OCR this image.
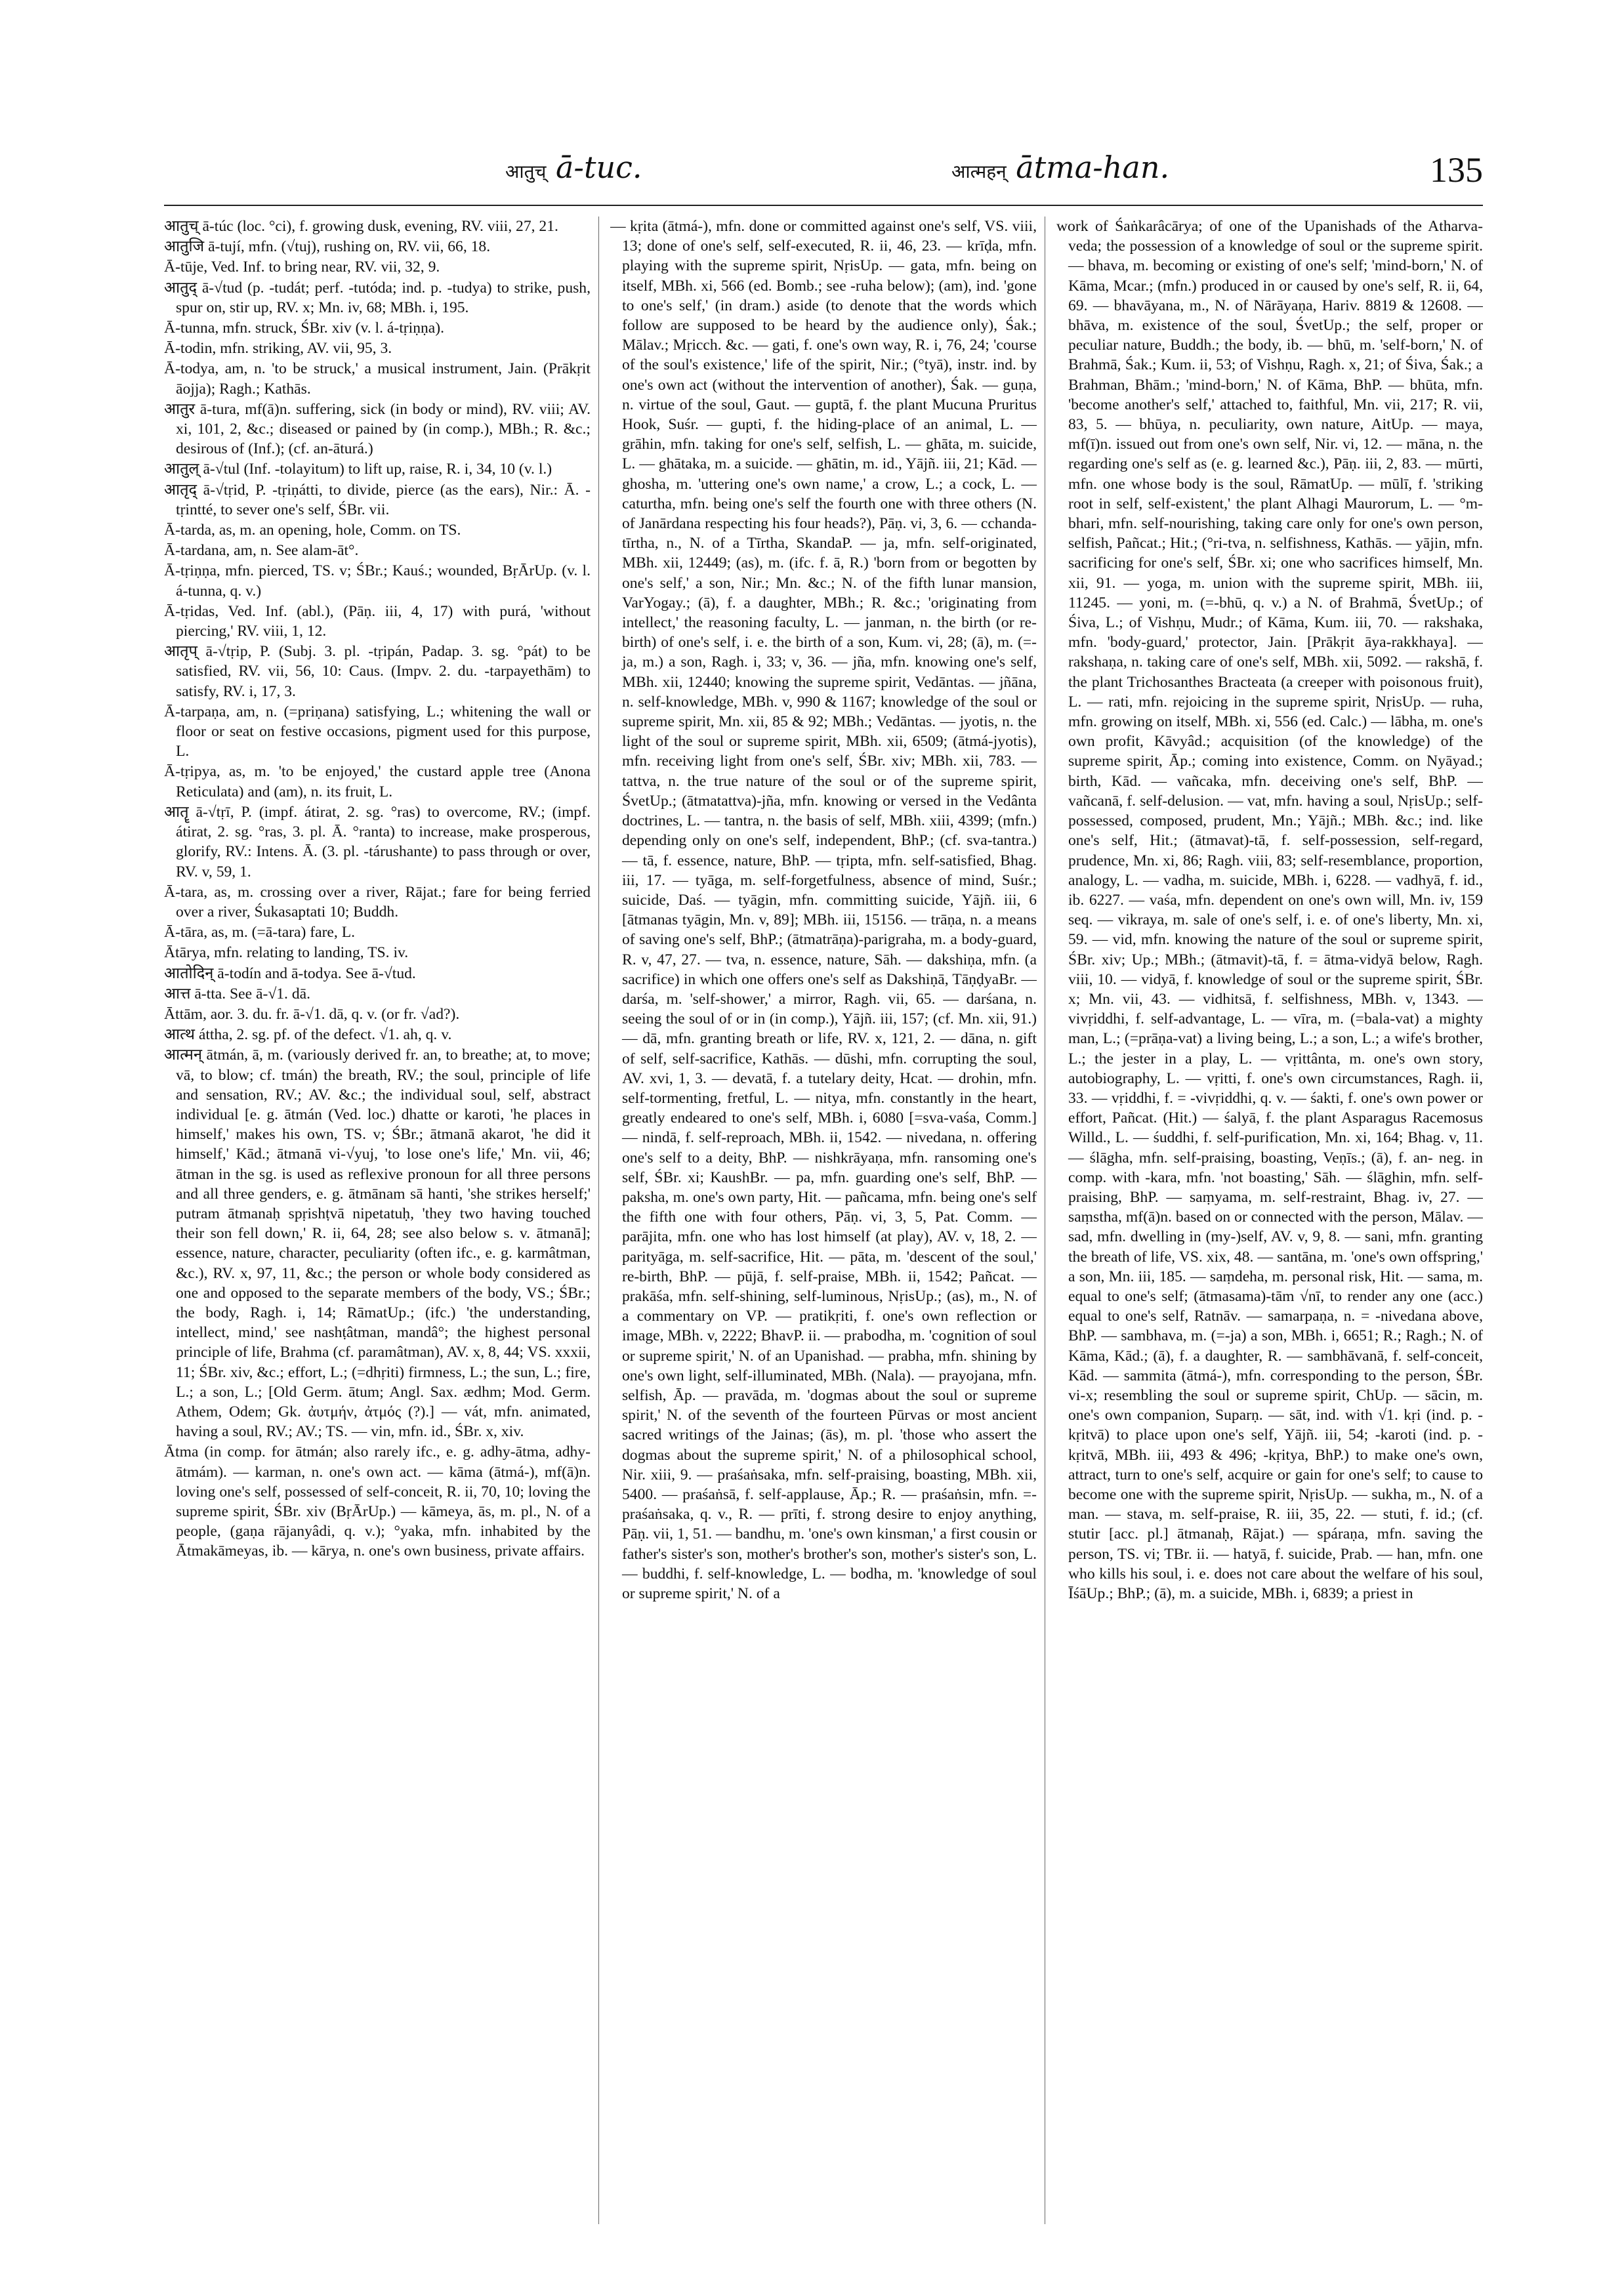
आतुच् ā-tuc.	आत्महन् ātma-han.	135

आतुच् ā-túc (loc. °ci), f. growing dusk, evening, RV. viii, 27, 21.

आतुजि ā-tují, mfn. (√tuj), rushing on, RV. vii, 66, 18.

Ā-tūje, Ved. Inf. to bring near, RV. vii, 32, 9.

आतुद् ā-√tud (p. -tudát; perf. -tutóda; ind. p. -tudya) to strike, push, spur on, stir up, RV. x; Mn. iv, 68; MBh. i, 195.

Ā-tunna, mfn. struck, ŚBr. xiv (v. l. á-tṛiṇṇa).

Ā-todin, mfn. striking, AV. vii, 95, 3.

Ā-todya, am, n. 'to be struck,' a musical instrument, Jain. (Prākṛit āojja); Ragh.; Kathās.

आतुर ā-tura, mf(ā)n. suffering, sick (in body or mind), RV. viii; AV. xi, 101, 2, &c.; diseased or pained by (in comp.), MBh.; R. &c.; desirous of (Inf.); (cf. an-āturá.)

आतुल् ā-√tul (Inf. -tolayitum) to lift up, raise, R. i, 34, 10 (v. l.)

आतृद् ā-√tṛid, P. -tṛiṇátti, to divide, pierce (as the ears), Nir.: Ā. -tṛintté, to sever one's self, ŚBr. vii.

Ā-tarda, as, m. an opening, hole, Comm. on TS.

Ā-tardana, am, n. See alam-āt°.

Ā-tṛiṇṇa, mfn. pierced, TS. v; ŚBr.; Kauś.; wounded, BṛĀrUp. (v. l. á-tunna, q. v.)

Ā-tṛidas, Ved. Inf. (abl.), (Pāṇ. iii, 4, 17) with purá, 'without piercing,' RV. viii, 1, 12.

आतृप् ā-√tṛip, P. (Subj. 3. pl. -tṛipán, Padap. 3. sg. °pát) to be satisfied, RV. vii, 56, 10: Caus. (Impv. 2. du. -tarpayethām) to satisfy, RV. i, 17, 3.

Ā-tarpaṇa, am, n. (=priṇana) satisfying, L.; whitening the wall or floor or seat on festive occasions, pigment used for this purpose, L.

Ā-tṛipya, as, m. 'to be enjoyed,' the custard apple tree (Anona Reticulata) and (am), n. its fruit, L.

आतॄ ā-√tṛī, P. (impf. átirat, 2. sg. °ras) to overcome, RV.; (impf. átirat, 2. sg. °ras, 3. pl. Ā. °ranta) to increase, make prosperous, glorify, RV.: Intens. Ā. (3. pl. -tárushante) to pass through or over, RV. v, 59, 1.

Ā-tara, as, m. crossing over a river, Rājat.; fare for being ferried over a river, Śukasaptati 10; Buddh.

Ā-tāra, as, m. (=ā-tara) fare, L.

Ātārya, mfn. relating to landing, TS. iv.

आतोदिन् ā-todín and ā-todya. See ā-√tud.

आत्त ā-tta. See ā-√1. dā.

Āttām, aor. 3. du. fr. ā-√1. dā, q. v. (or fr. √ad?).

आत्थ áttha, 2. sg. pf. of the defect. √1. ah, q. v.

आत्मन् ātmán, ā, m. (variously derived fr. an, to breathe; at, to move; vā, to blow; cf. tmán) the breath, RV.; the soul, principle of life and sensation, RV.; AV. &c.; the individual soul, self, abstract individual [e. g. ātmán (Ved. loc.) dhatte or karoti, 'he places in himself,' makes his own, TS. v; ŚBr.; ātmanā akarot, 'he did it himself,' Kād.; ātmanā vi-√yuj, 'to lose one's life,' Mn. vii, 46; ātman in the sg. is used as reflexive pronoun for all three persons and all three genders, e. g. ātmānam sā hanti, 'she strikes herself;' putram ātmanaḥ spṛishṭvā nipetatuḥ, 'they two having touched their son fell down,' R. ii, 64, 28; see also below s. v. ātmanā]; essence, nature, character, peculiarity (often ifc., e. g. karmâtman, &c.), RV. x, 97, 11, &c.; the person or whole body considered as one and opposed to the separate members of the body, VS.; ŚBr.; the body, Ragh. i, 14; RāmatUp.; (ifc.) 'the understanding, intellect, mind,' see nashṭâtman, mandâ°; the highest personal principle of life, Brahma (cf. paramâtman), AV. x, 8, 44; VS. xxxii, 11; ŚBr. xiv, &c.; effort, L.; (=dhṛiti) firmness, L.; the sun, L.; fire, L.; a son, L.; [Old Germ. ātum; Angl. Sax. ædhm; Mod. Germ. Athem, Odem; Gk. ἀυτμήν, ἀτμός (?).] — vát, mfn. animated, having a soul, RV.; AV.; TS. — vin, mfn. id., ŚBr. x, xiv.

Ātma (in comp. for ātmán; also rarely ifc., e. g. adhy-ātma, adhy-ātmám). — karman, n. one's own act. — kāma (ātmá-), mf(ā)n. loving one's self, possessed of self-conceit, R. ii, 70, 10; loving the supreme spirit, ŚBr. xiv (BṛĀrUp.) — kāmeya, ās, m. pl., N. of a people, (gaṇa rājanyâdi, q. v.); °yaka, mfn. inhabited by the Ātmakāmeyas, ib. — kārya, n. one's own business, private affairs.

— kṛita (ātmá-), mfn. done or committed against one's self, VS. viii, 13; done of one's self, self-executed, R. ii, 46, 23. — krīḍa, mfn. playing with the supreme spirit, NṛisUp. — gata, mfn. being on itself, MBh. xi, 566 (ed. Bomb.; see -ruha below); (am), ind. 'gone to one's self,' (in dram.) aside (to denote that the words which follow are supposed to be heard by the audience only), Śak.; Mālav.; Mṛicch. &c. — gati, f. one's own way, R. i, 76, 24; 'course of the soul's existence,' life of the spirit, Nir.; (°tyā), instr. ind. by one's own act (without the intervention of another), Śak. — guṇa, n. virtue of the soul, Gaut. — guptā, f. the plant Mucuna Pruritus Hook, Suśr. — gupti, f. the hiding-place of an animal, L. — grāhin, mfn. taking for one's self, selfish, L. — ghāta, m. suicide, L. — ghātaka, m. a suicide. — ghātin, m. id., Yājñ. iii, 21; Kād. — ghosha, m. 'uttering one's own name,' a crow, L.; a cock, L. — caturtha, mfn. being one's self the fourth one with three others (N. of Janārdana respecting his four heads?), Pāṇ. vi, 3, 6. — cchanda-tīrtha, n., N. of a Tīrtha, SkandaP. — ja, mfn. self-originated, MBh. xii, 12449; (as), m. (ifc. f. ā, R.) 'born from or begotten by one's self,' a son, Nir.; Mn. &c.; N. of the fifth lunar mansion, VarYogay.; (ā), f. a daughter, MBh.; R. &c.; 'originating from intellect,' the reasoning faculty, L. — janman, n. the birth (or re-birth) of one's self, i. e. the birth of a son, Kum. vi, 28; (ā), m. (=-ja, m.) a son, Ragh. i, 33; v, 36. — jña, mfn. knowing one's self, MBh. xii, 12440; knowing the supreme spirit, Vedāntas. — jñāna, n. self-knowledge, MBh. v, 990 & 1167; knowledge of the soul or supreme spirit, Mn. xii, 85 & 92; MBh.; Vedāntas. — jyotis, n. the light of the soul or supreme spirit, MBh. xii, 6509; (ātmá-jyotis), mfn. receiving light from one's self, ŚBr. xiv; MBh. xii, 783. — tattva, n. the true nature of the soul or of the supreme spirit, ŚvetUp.; (ātmatattva)-jña, mfn. knowing or versed in the Vedânta doctrines, L. — tantra, n. the basis of self, MBh. xiii, 4399; (mfn.) depending only on one's self, independent, BhP.; (cf. sva-tantra.) — tā, f. essence, nature, BhP. — tṛipta, mfn. self-satisfied, Bhag. iii, 17. — tyāga, m. self-forgetfulness, absence of mind, Suśr.; suicide, Daś. — tyāgin, mfn. committing suicide, Yājñ. iii, 6 [ātmanas tyāgin, Mn. v, 89]; MBh. iii, 15156. — trāṇa, n. a means of saving one's self, BhP.; (ātmatrāṇa)-parigraha, m. a body-guard, R. v, 47, 27. — tva, n. essence, nature, Sāh. — dakshiṇa, mfn. (a sacrifice) in which one offers one's self as Dakshiṇā, TāṇḍyaBr. — darśa, m. 'self-shower,' a mirror, Ragh. vii, 65. — darśana, n. seeing the soul of or in (in comp.), Yājñ. iii, 157; (cf. Mn. xii, 91.) — dā, mfn. granting breath or life, RV. x, 121, 2. — dāna, n. gift of self, self-sacrifice, Kathās. — dūshi, mfn. corrupting the soul, AV. xvi, 1, 3. — devatā, f. a tutelary deity, Hcat. — drohin, mfn. self-tormenting, fretful, L. — nitya, mfn. constantly in the heart, greatly endeared to one's self, MBh. i, 6080 [=sva-vaśa, Comm.] — nindā, f. self-reproach, MBh. ii, 1542. — nivedana, n. offering one's self to a deity, BhP. — nishkrāyaṇa, mfn. ransoming one's self, ŚBr. xi; KaushBr. — pa, mfn. guarding one's self, BhP. — paksha, m. one's own party, Hit. — pañcama, mfn. being one's self the fifth one with four others, Pāṇ. vi, 3, 5, Pat. Comm. — parājita, mfn. one who has lost himself (at play), AV. v, 18, 2. — parityāga, m. self-sacrifice, Hit. — pāta, m. 'descent of the soul,' re-birth, BhP. — pūjā, f. self-praise, MBh. ii, 1542; Pañcat. — prakāśa, mfn. self-shining, self-luminous, NṛisUp.; (as), m., N. of a commentary on VP. — pratikṛiti, f. one's own reflection or image, MBh. v, 2222; BhavP. ii. — prabodha, m. 'cognition of soul or supreme spirit,' N. of an Upanishad. — prabha, mfn. shining by one's own light, self-illuminated, MBh. (Nala). — prayojana, mfn. selfish, Āp. — pravāda, m. 'dogmas about the soul or supreme spirit,' N. of the seventh of the fourteen Pūrvas or most ancient sacred writings of the Jainas; (ās), m. pl. 'those who assert the dogmas about the supreme spirit,' N. of a philosophical school, Nir. xiii, 9. — praśaṅsaka, mfn. self-praising, boasting, MBh. xii, 5400. — praśaṅsā, f. self-applause, Āp.; R. — praśaṅsin, mfn. =-praśaṅsaka, q. v., R. — prīti, f. strong desire to enjoy anything, Pāṇ. vii, 1, 51. — bandhu, m. 'one's own kinsman,' a first cousin or father's sister's son, mother's brother's son, mother's sister's son, L. — buddhi, f. self-knowledge, L. — bodha, m. 'knowledge of soul or supreme spirit,' N. of a

work of Śaṅkarâcārya; of one of the Upanishads of the Atharva-veda; the possession of a knowledge of soul or the supreme spirit. — bhava, m. becoming or existing of one's self; 'mind-born,' N. of Kāma, Mcar.; (mfn.) produced in or caused by one's self, R. ii, 64, 69. — bhavāyana, m., N. of Nārāyaṇa, Hariv. 8819 & 12608. — bhāva, m. existence of the soul, ŚvetUp.; the self, proper or peculiar nature, Buddh.; the body, ib. — bhū, m. 'self-born,' N. of Brahmā, Śak.; Kum. ii, 53; of Vishṇu, Ragh. x, 21; of Śiva, Śak.; a Brahman, Bhām.; 'mind-born,' N. of Kāma, BhP. — bhūta, mfn. 'become another's self,' attached to, faithful, Mn. vii, 217; R. vii, 83, 5. — bhūya, n. peculiarity, own nature, AitUp. — maya, mf(ī)n. issued out from one's own self, Nir. vi, 12. — māna, n. the regarding one's self as (e. g. learned &c.), Pāṇ. iii, 2, 83. — mūrti, mfn. one whose body is the soul, RāmatUp. — mūlī, f. 'striking root in self, self-existent,' the plant Alhagi Maurorum, L. — °m-bhari, mfn. self-nourishing, taking care only for one's own person, selfish, Pañcat.; Hit.; (°ri-tva, n. selfishness, Kathās. — yājin, mfn. sacrificing for one's self, ŚBr. xi; one who sacrifices himself, Mn. xii, 91. — yoga, m. union with the supreme spirit, MBh. iii, 11245. — yoni, m. (=-bhū, q. v.) a N. of Brahmā, ŚvetUp.; of Śiva, L.; of Vishṇu, Mudr.; of Kāma, Kum. iii, 70. — rakshaka, mfn. 'body-guard,' protector, Jain. [Prākṛit āya-rakkhaya]. — rakshaṇa, n. taking care of one's self, MBh. xii, 5092. — rakshā, f. the plant Trichosanthes Bracteata (a creeper with poisonous fruit), L. — rati, mfn. rejoicing in the supreme spirit, NṛisUp. — ruha, mfn. growing on itself, MBh. xi, 556 (ed. Calc.) — lābha, m. one's own profit, Kāvyâd.; acquisition (of the knowledge) of the supreme spirit, Āp.; coming into existence, Comm. on Nyāyad.; birth, Kād. — vañcaka, mfn. deceiving one's self, BhP. — vañcanā, f. self-delusion. — vat, mfn. having a soul, NṛisUp.; self-possessed, composed, prudent, Mn.; Yājñ.; MBh. &c.; ind. like one's self, Hit.; (ātmavat)-tā, f. self-possession, self-regard, prudence, Mn. xi, 86; Ragh. viii, 83; self-resemblance, proportion, analogy, L. — vadha, m. suicide, MBh. i, 6228. — vadhyā, f. id., ib. 6227. — vaśa, mfn. dependent on one's own will, Mn. iv, 159 seq. — vikraya, m. sale of one's self, i. e. of one's liberty, Mn. xi, 59. — vid, mfn. knowing the nature of the soul or supreme spirit, ŚBr. xiv; Up.; MBh.; (ātmavit)-tā, f. = ātma-vidyā below, Ragh. viii, 10. — vidyā, f. knowledge of soul or the supreme spirit, ŚBr. x; Mn. vii, 43. — vidhitsā, f. selfishness, MBh. v, 1343. — vivṛiddhi, f. self-advantage, L. — vīra, m. (=bala-vat) a mighty man, L.; (=prāṇa-vat) a living being, L.; a son, L.; a wife's brother, L.; the jester in a play, L. — vṛittânta, m. one's own story, autobiography, L. — vṛitti, f. one's own circumstances, Ragh. ii, 33. — vṛiddhi, f. = -vivṛiddhi, q. v. — śakti, f. one's own power or effort, Pañcat. (Hit.) — śalyā, f. the plant Asparagus Racemosus Willd., L. — śuddhi, f. self-purification, Mn. xi, 164; Bhag. v, 11. — ślāgha, mfn. self-praising, boasting, Veṇīs.; (ā), f. an- neg. in comp. with -kara, mfn. 'not boasting,' Sāh. — ślāghin, mfn. self-praising, BhP. — saṃyama, m. self-restraint, Bhag. iv, 27. — saṃstha, mf(ā)n. based on or connected with the person, Mālav. — sad, mfn. dwelling in (my-)self, AV. v, 9, 8. — sani, mfn. granting the breath of life, VS. xix, 48. — santāna, m. 'one's own offspring,' a son, Mn. iii, 185. — saṃdeha, m. personal risk, Hit. — sama, m. equal to one's self; (ātmasama)-tām √nī, to render any one (acc.) equal to one's self, Ratnāv. — samarpaṇa, n. = -nivedana above, BhP. — sambhava, m. (=-ja) a son, MBh. i, 6651; R.; Ragh.; N. of Kāma, Kād.; (ā), f. a daughter, R. — sambhāvanā, f. self-conceit, Kād. — sammita (ātmá-), mfn. corresponding to the person, ŚBr. vi-x; resembling the soul or supreme spirit, ChUp. — sācin, m. one's own companion, Suparṇ. — sāt, ind. with √1. kṛi (ind. p. -kṛitvā) to place upon one's self, Yājñ. iii, 54; -karoti (ind. p. -kṛitvā, MBh. iii, 493 & 496; -kṛitya, BhP.) to make one's own, attract, turn to one's self, acquire or gain for one's self; to cause to become one with the supreme spirit, NṛisUp. — sukha, m., N. of a man. — stava, m. self-praise, R. iii, 35, 22. — stuti, f. id.; (cf. stutir [acc. pl.] ātmanaḥ, Rājat.) — spáraṇa, mfn. saving the person, TS. vi; TBr. ii. — hatyā, f. suicide, Prab. — han, mfn. one who kills his soul, i. e. does not care about the welfare of his soul, ĪśāUp.; BhP.; (ā), m. a suicide, MBh. i, 6839; a priest in
